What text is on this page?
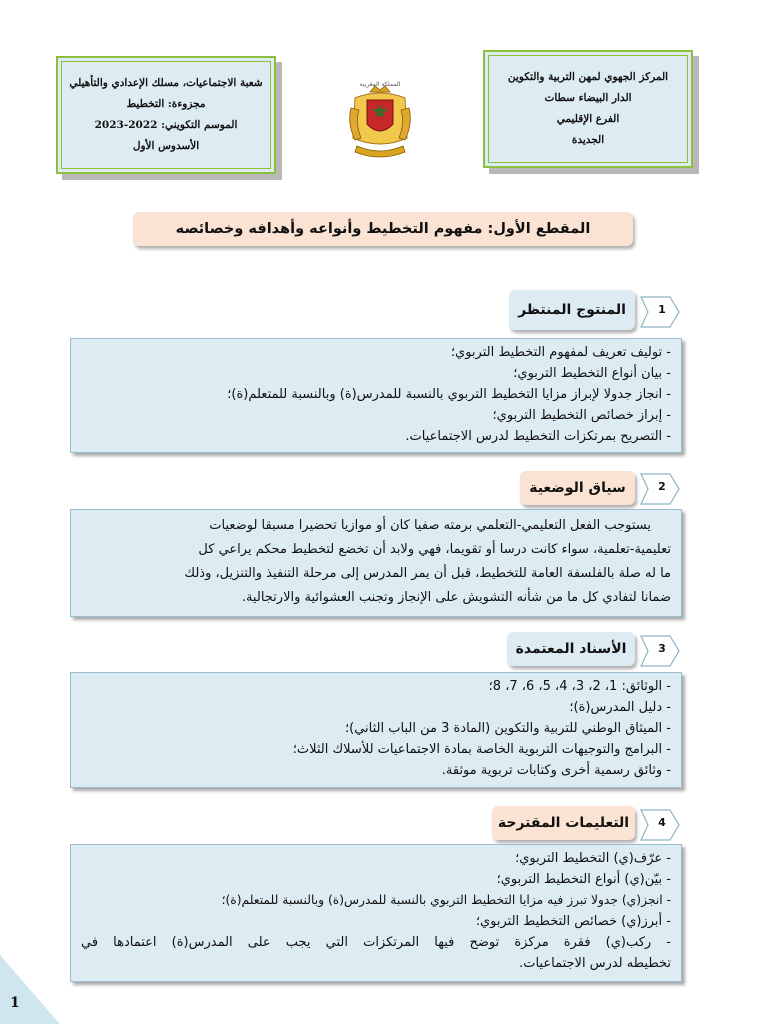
المركز الجهوي لمهن التربية والتكوين
الدار البيضاء سطات
الفرع الإقليمي
الجديدة
شعبة الاجتماعيات، مسلك الإعدادي والتأهيلي
مجزوءة: التخطيط
الموسم التكويني: 2022-2023
الأسدوس الأول
المملكة المغربية
المقطع الأول: مفهوم التخطيط وأنواعه وأهدافه وخصائصه
1
المنتوج المنتظر
- توليف تعريف لمفهوم التخطيط التربوي؛
- بيان أنواع التخطيط التربوي؛
- انجاز جدولا لإبراز مزايا التخطيط التربوي بالنسبة للمدرس(ة) وبالنسبة للمتعلم(ة)؛
- إبراز خصائص التخطيط التربوي؛
- التصريح بمرتكزات التخطيط لدرس الاجتماعيات.
2
سياق الوضعية

يستوجب الفعل التعليمي-التعلمي برمته صفيا كان أو موازيا تحضيرا مسبقا لوضعيات

تعليمية-تعلمية، سواء كانت درسا أو تقويما، فهي ولابد أن تخضع لتخطيط محكم يراعي كل

ما له صلة بالفلسفة العامة للتخطيط، قبل أن يمر المدرس إلى مرحلة التنفيذ والتنزيل، وذلك

ضمانا لتفادي كل ما من شأنه التشويش على الإنجاز وتجنب العشوائية والارتجالية.

3
الأسناد المعتمدة
- الوثائق: 1، 2، 3، 4، 5، 6، 7، 8؛
- دليل المدرس(ة)؛
- الميثاق الوطني للتربية والتكوين (المادة 3 من الباب الثاني)؛
- البرامج والتوجيهات التربوية الخاصة بمادة الاجتماعيات للأسلاك الثلاث؛
- وثائق رسمية أخرى وكتابات تربوية موثقة.
4
التعليمات المقترحة
- عرّف(ي) التخطيط التربوي؛
- بيّن(ي) أنواع التخطيط التربوي؛
- انجز(ي) جدولا تبرز فيه مزايا التخطيط التربوي بالنسبة للمدرس(ة) وبالنسبة للمتعلم(ة)؛
- أبرز(ي) خصائص التخطيط التربوي؛
- ركب(ي) فقرة مركزة توضح فيها المرتكزات التي يجب على المدرس(ة) اعتمادها في
تخطيطه لدرس الاجتماعيات.
1
